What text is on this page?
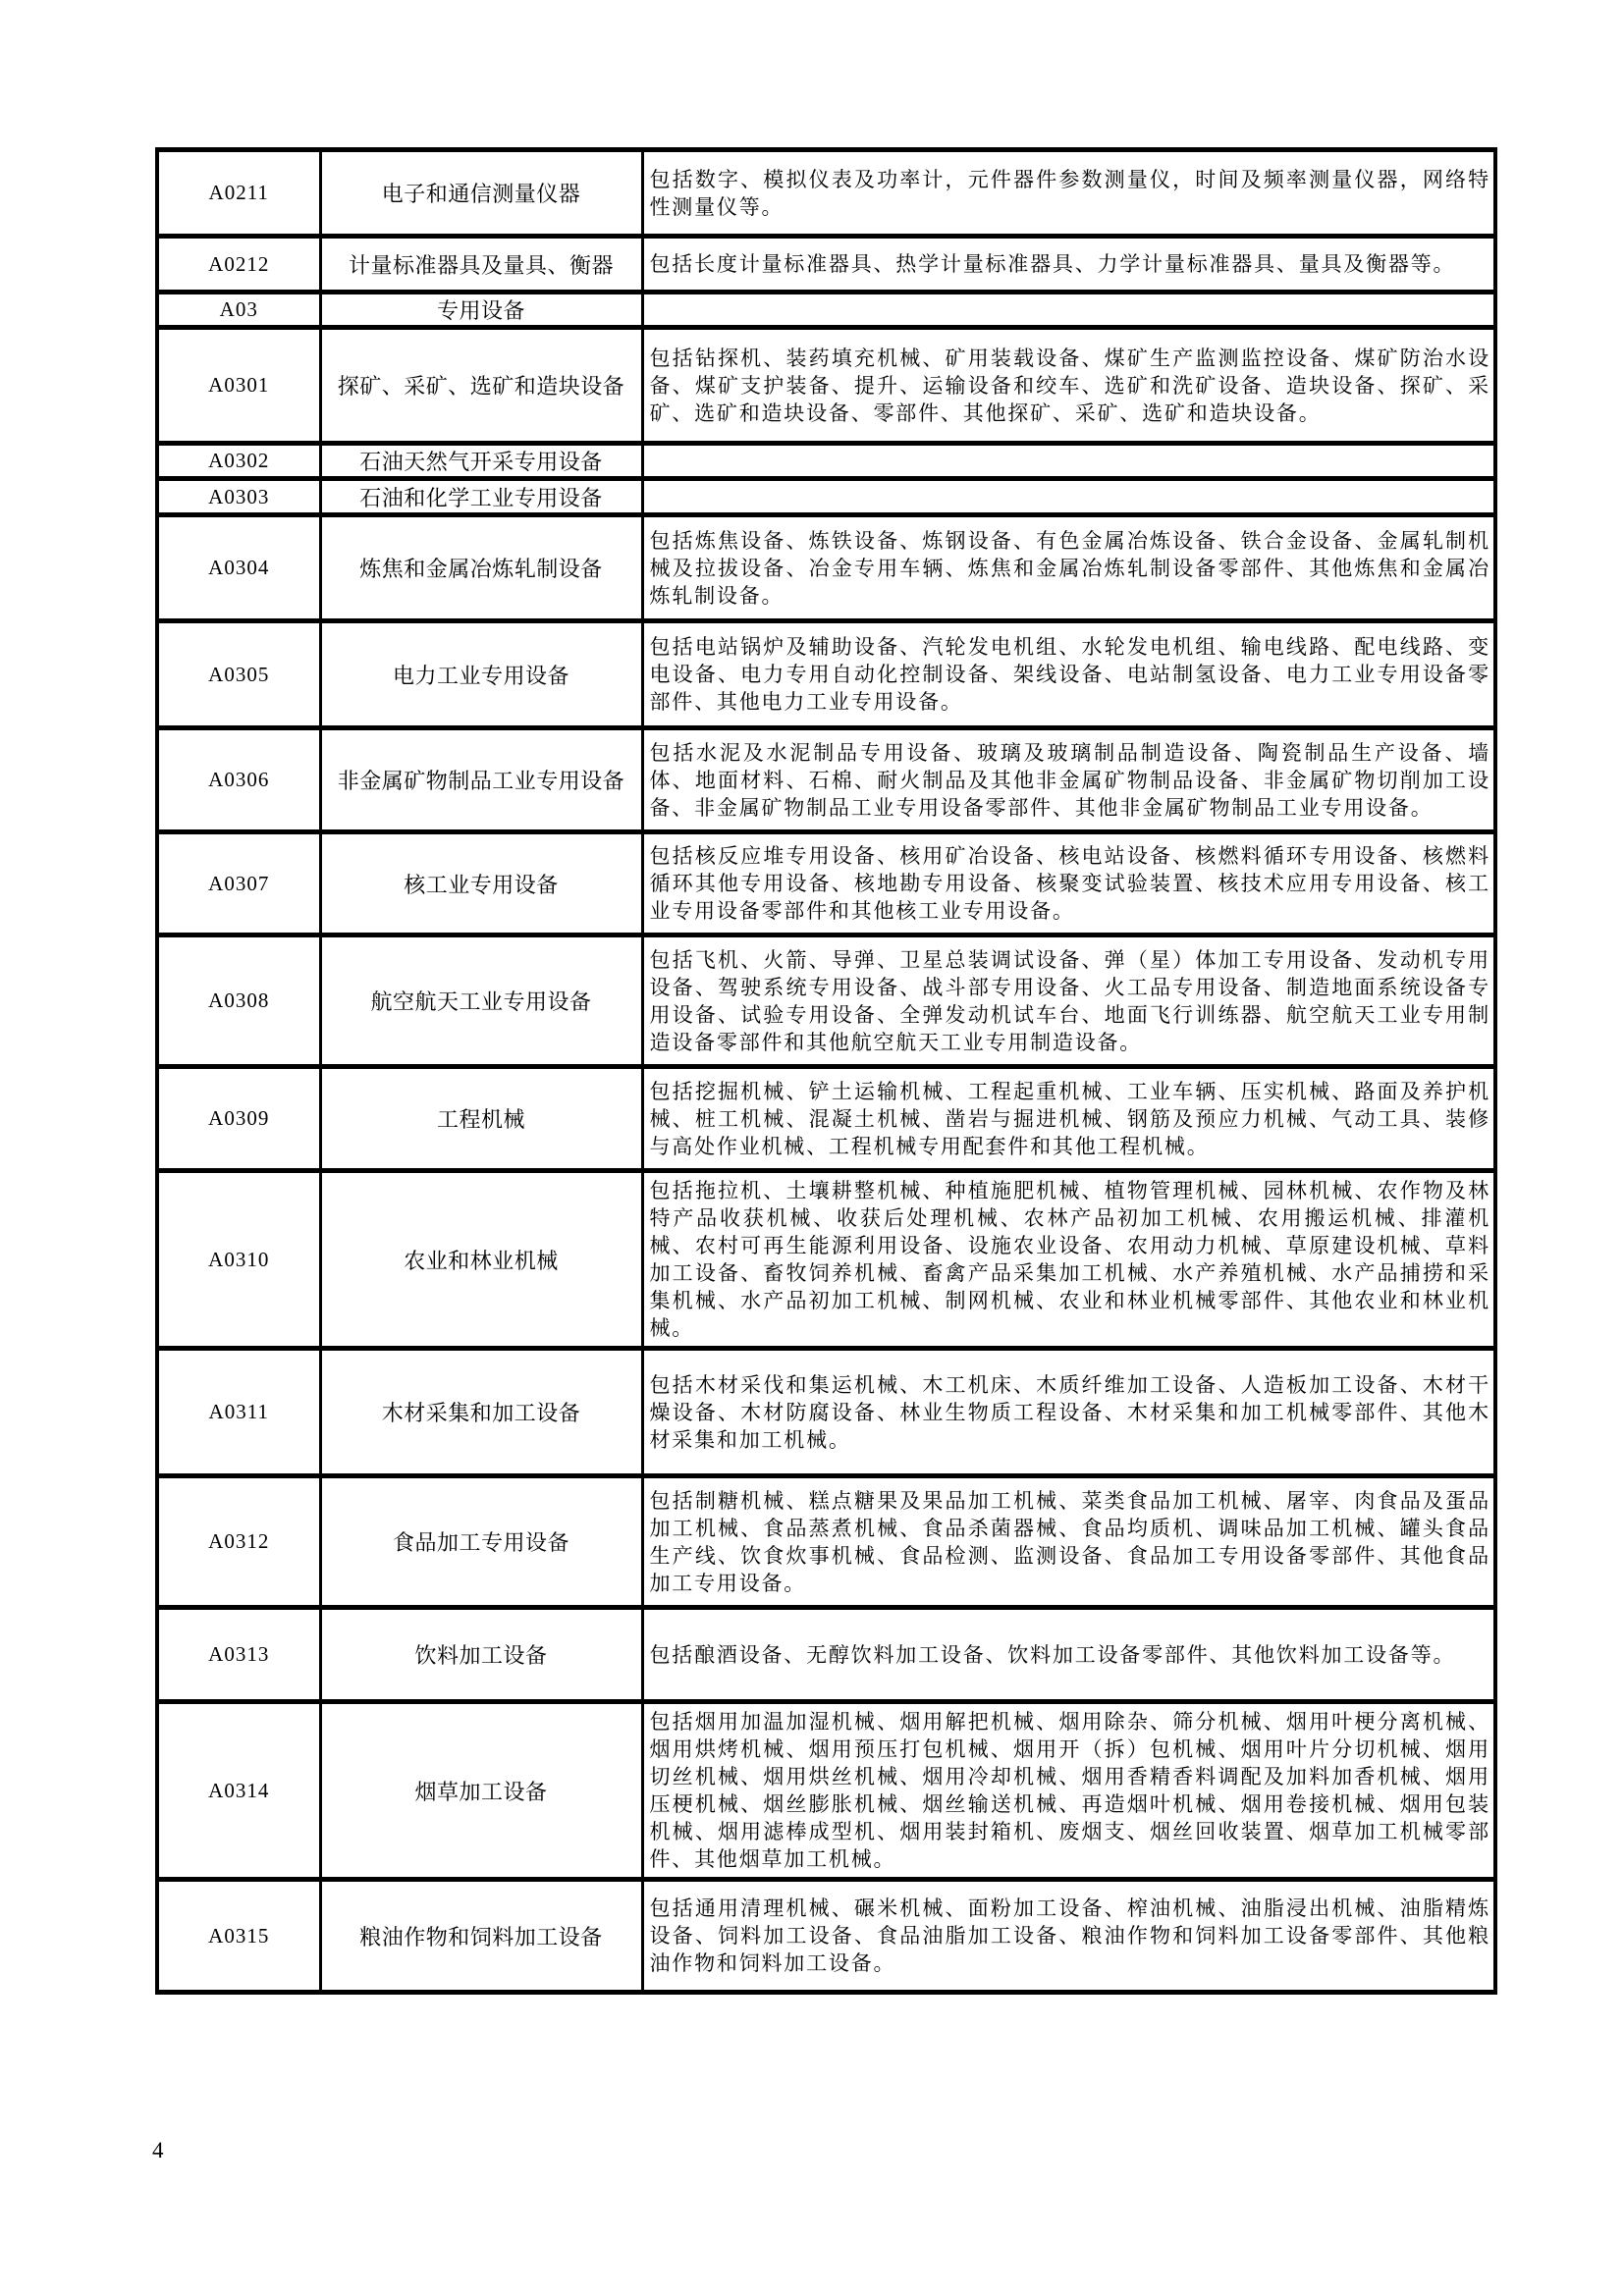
A0211	电子和通信测量仪器	包括数字、模拟仪表及功率计，元件器件参数测量仪，时间及频率测量仪器，网络特性测量仪等。
A0212	计量标准器具及量具、衡器	包括长度计量标准器具、热学计量标准器具、力学计量标准器具、量具及衡器等。
A03	专用设备	
A0301	探矿、采矿、选矿和造块设备	包括钻探机、装药填充机械、矿用装载设备、煤矿生产监测监控设备、煤矿防治水设备、煤矿支护装备、提升、运输设备和绞车、选矿和洗矿设备、造块设备、探矿、采矿、选矿和造块设备、零部件、其他探矿、采矿、选矿和造块设备。
A0302	石油天然气开采专用设备	
A0303	石油和化学工业专用设备	
A0304	炼焦和金属冶炼轧制设备	包括炼焦设备、炼铁设备、炼钢设备、有色金属冶炼设备、铁合金设备、金属轧制机械及拉拔设备、冶金专用车辆、炼焦和金属冶炼轧制设备零部件、其他炼焦和金属冶炼轧制设备。
A0305	电力工业专用设备	包括电站锅炉及辅助设备、汽轮发电机组、水轮发电机组、输电线路、配电线路、变电设备、电力专用自动化控制设备、架线设备、电站制氢设备、电力工业专用设备零部件、其他电力工业专用设备。
A0306	非金属矿物制品工业专用设备	包括水泥及水泥制品专用设备、玻璃及玻璃制品制造设备、陶瓷制品生产设备、墙体、地面材料、石棉、耐火制品及其他非金属矿物制品设备、非金属矿物切削加工设备、非金属矿物制品工业专用设备零部件、其他非金属矿物制品工业专用设备。
A0307	核工业专用设备	包括核反应堆专用设备、核用矿冶设备、核电站设备、核燃料循环专用设备、核燃料循环其他专用设备、核地勘专用设备、核聚变试验装置、核技术应用专用设备、核工业专用设备零部件和其他核工业专用设备。
A0308	航空航天工业专用设备	包括飞机、火箭、导弹、卫星总装调试设备、弹（星）体加工专用设备、发动机专用设备、驾驶系统专用设备、战斗部专用设备、火工品专用设备、制造地面系统设备专用设备、试验专用设备、全弹发动机试车台、地面飞行训练器、航空航天工业专用制造设备零部件和其他航空航天工业专用制造设备。
A0309	工程机械	包括挖掘机械、铲土运输机械、工程起重机械、工业车辆、压实机械、路面及养护机械、桩工机械、混凝土机械、凿岩与掘进机械、钢筋及预应力机械、气动工具、装修与高处作业机械、工程机械专用配套件和其他工程机械。
A0310	农业和林业机械	包括拖拉机、土壤耕整机械、种植施肥机械、植物管理机械、园林机械、农作物及林特产品收获机械、收获后处理机械、农林产品初加工机械、农用搬运机械、排灌机械、农村可再生能源利用设备、设施农业设备、农用动力机械、草原建设机械、草料加工设备、畜牧饲养机械、畜禽产品采集加工机械、水产养殖机械、水产品捕捞和采集机械、水产品初加工机械、制网机械、农业和林业机械零部件、其他农业和林业机械。
A0311	木材采集和加工设备	包括木材采伐和集运机械、木工机床、木质纤维加工设备、人造板加工设备、木材干燥设备、木材防腐设备、林业生物质工程设备、木材采集和加工机械零部件、其他木材采集和加工机械。
A0312	食品加工专用设备	包括制糖机械、糕点糖果及果品加工机械、菜类食品加工机械、屠宰、肉食品及蛋品加工机械、食品蒸煮机械、食品杀菌器械、食品均质机、调味品加工机械、罐头食品生产线、饮食炊事机械、食品检测、监测设备、食品加工专用设备零部件、其他食品加工专用设备。
A0313	饮料加工设备	包括酿酒设备、无醇饮料加工设备、饮料加工设备零部件、其他饮料加工设备等。
A0314	烟草加工设备	包括烟用加温加湿机械、烟用解把机械、烟用除杂、筛分机械、烟用叶梗分离机械、烟用烘烤机械、烟用预压打包机械、烟用开（拆）包机械、烟用叶片分切机械、烟用切丝机械、烟用烘丝机械、烟用冷却机械、烟用香精香料调配及加料加香机械、烟用压梗机械、烟丝膨胀机械、烟丝输送机械、再造烟叶机械、烟用卷接机械、烟用包装机械、烟用滤棒成型机、烟用装封箱机、废烟支、烟丝回收装置、烟草加工机械零部件、其他烟草加工机械。
A0315	粮油作物和饲料加工设备	包括通用清理机械、碾米机械、面粉加工设备、榨油机械、油脂浸出机械、油脂精炼设备、饲料加工设备、食品油脂加工设备、粮油作物和饲料加工设备零部件、其他粮油作物和饲料加工设备。
4
